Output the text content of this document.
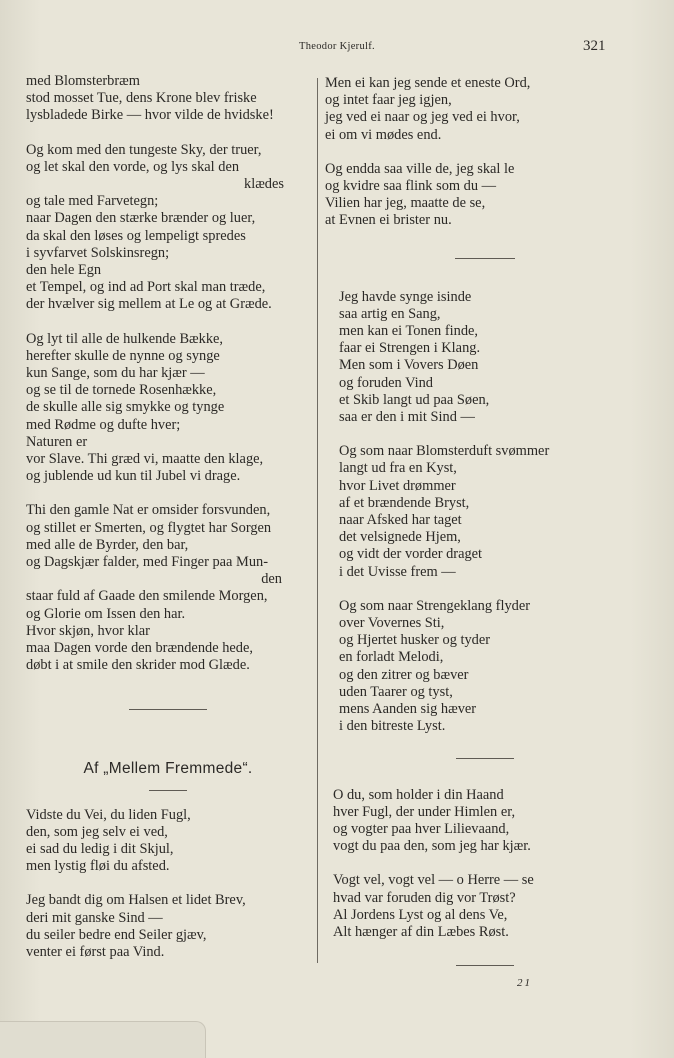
Theodor Kjerulf.	321
med Blomsterbræm
stod mosset Tue, dens Krone blev friske
lysbladede Birke — hvor vilde de hvidske!
Og kom med den tungeste Sky, der truer,
og let skal den vorde, og lys skal den
klædes
og tale med Farvetegn;
naar Dagen den stærke brænder og luer,
da skal den løses og lempeligt spredes
i syvfarvet Solskinsregn;
den hele Egn
et Tempel, og ind ad Port skal man træde,
der hvælver sig mellem at Le og at Græde.
Og lyt til alle de hulkende Bække,
herefter skulle de nynne og synge
kun Sange, som du har kjær —
og se til de tornede Rosenhække,
de skulle alle sig smykke og tynge
med Rødme og dufte hver;
Naturen er
vor Slave. Thi græd vi, maatte den klage,
og jublende ud kun til Jubel vi drage.
Thi den gamle Nat er omsider forsvunden,
og stillet er Smerten, og flygtet har Sorgen
med alle de Byrder, den bar,
og Dagskjær falder, med Finger paa Mun-
den
staar fuld af Gaade den smilende Morgen,
og Glorie om Issen den har.
Hvor skjøn, hvor klar
maa Dagen vorde den brændende hede,
døbt i at smile den skrider mod Glæde.
Af „Mellem Fremmede“.
Vidste du Vei, du liden Fugl,
den, som jeg selv ei ved,
ei sad du ledig i dit Skjul,
men lystig fløi du afsted.
Jeg bandt dig om Halsen et lidet Brev,
deri mit ganske Sind —
du seiler bedre end Seiler gjæv,
venter ei først paa Vind.
Men ei kan jeg sende et eneste Ord,
og intet faar jeg igjen,
jeg ved ei naar og jeg ved ei hvor,
ei om vi mødes end.
Og endda saa ville de, jeg skal le
og kvidre saa flink som du —
Vilien har jeg, maatte de se,
at Evnen ei brister nu.
Jeg havde synge isinde
saa artig en Sang,
men kan ei Tonen finde,
faar ei Strengen i Klang.
Men som i Vovers Døen
og foruden Vind
et Skib langt ud paa Søen,
saa er den i mit Sind —
Og som naar Blomsterduft svømmer
langt ud fra en Kyst,
hvor Livet drømmer
af et brændende Bryst,
naar Afsked har taget
det velsignede Hjem,
og vidt der vorder draget
i det Uvisse frem —
Og som naar Strengeklang flyder
over Vovernes Sti,
og Hjertet husker og tyder
en forladt Melodi,
og den zitrer og bæver
uden Taarer og tyst,
mens Aanden sig hæver
i den bitreste Lyst.
O du, som holder i din Haand
hver Fugl, der under Himlen er,
og vogter paa hver Lilievaand,
vogt du paa den, som jeg har kjær.
Vogt vel, vogt vel — o Herre — se
hvad var foruden dig vor Trøst?
Al Jordens Lyst og al dens Ve,
Alt hænger af din Læbes Røst.
21
